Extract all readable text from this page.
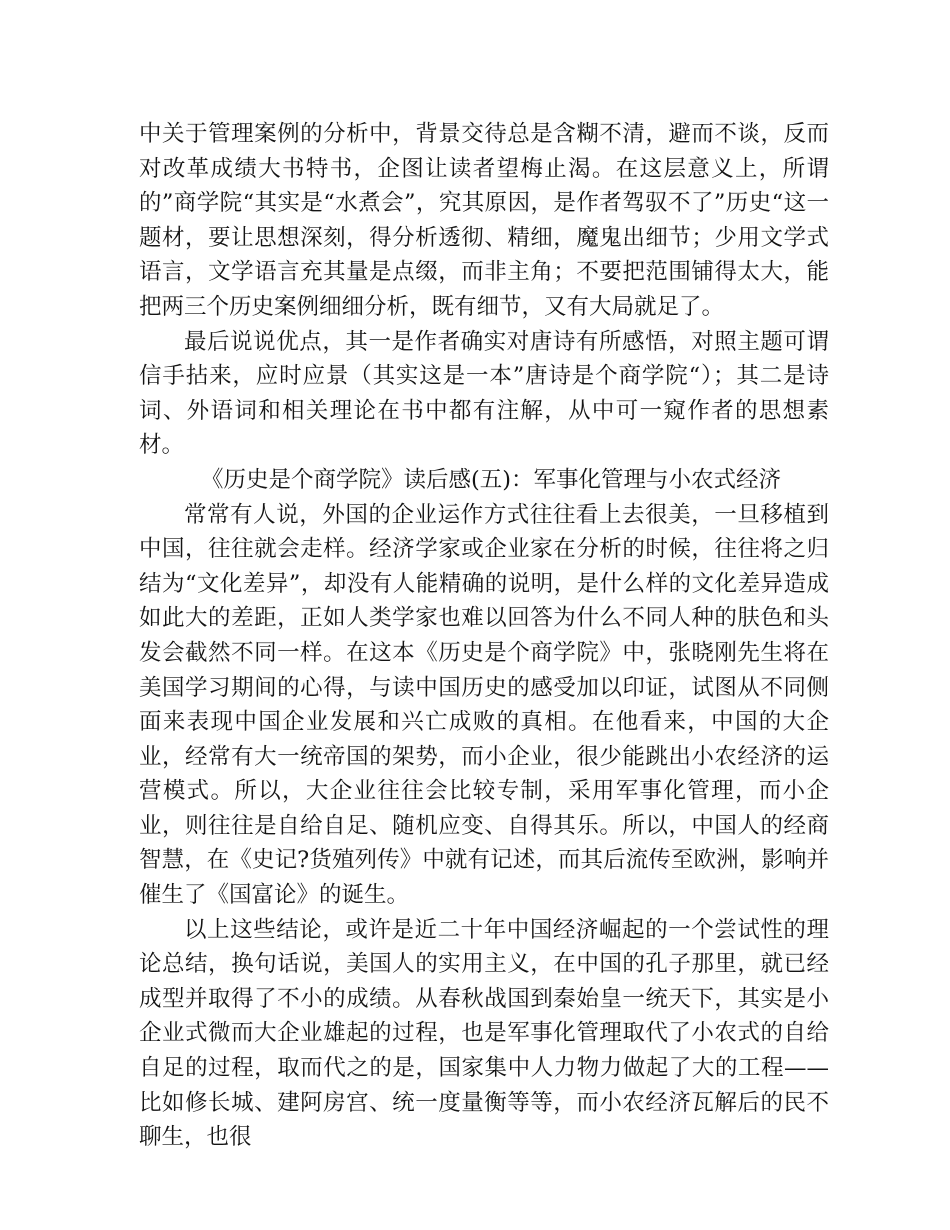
中关于管理案例的分析中，背景交待总是含糊不清，避而不谈，反而对改革成绩大书特书，企图让读者望梅止渴。在这层意义上，所谓的”商学院“其实是“水煮会”，究其原因，是作者驾驭不了”历史“这一题材，要让思想深刻，得分析透彻、精细，魔鬼出细节；少用文学式语言，文学语言充其量是点缀，而非主角；不要把范围铺得太大，能把两三个历史案例细细分析，既有细节，又有大局就足了。

最后说说优点，其一是作者确实对唐诗有所感悟，对照主题可谓信手拈来，应时应景（其实这是一本”唐诗是个商学院“）；其二是诗词、外语词和相关理论在书中都有注解，从中可一窥作者的思想素材。

《历史是个商学院》读后感(五)：军事化管理与小农式经济

常常有人说，外国的企业运作方式往往看上去很美，一旦移植到中国，往往就会走样。经济学家或企业家在分析的时候，往往将之归结为“文化差异”，却没有人能精确的说明，是什么样的文化差异造成如此大的差距，正如人类学家也难以回答为什么不同人种的肤色和头发会截然不同一样。在这本《历史是个商学院》中，张晓刚先生将在美国学习期间的心得，与读中国历史的感受加以印证，试图从不同侧面来表现中国企业发展和兴亡成败的真相。在他看来，中国的大企业，经常有大一统帝国的架势，而小企业，很少能跳出小农经济的运营模式。所以，大企业往往会比较专制，采用军事化管理，而小企业，则往往是自给自足、随机应变、自得其乐。所以，中国人的经商智慧，在《史记?货殖列传》中就有记述，而其后流传至欧洲，影响并催生了《国富论》的诞生。

以上这些结论，或许是近二十年中国经济崛起的一个尝试性的理论总结，换句话说，美国人的实用主义，在中国的孔子那里，就已经成型并取得了不小的成绩。从春秋战国到秦始皇一统天下，其实是小企业式微而大企业雄起的过程，也是军事化管理取代了小农式的自给自足的过程，取而代之的是，国家集中人力物力做起了大的工程——比如修长城、建阿房宫、统一度量衡等等，而小农经济瓦解后的民不聊生，也很
